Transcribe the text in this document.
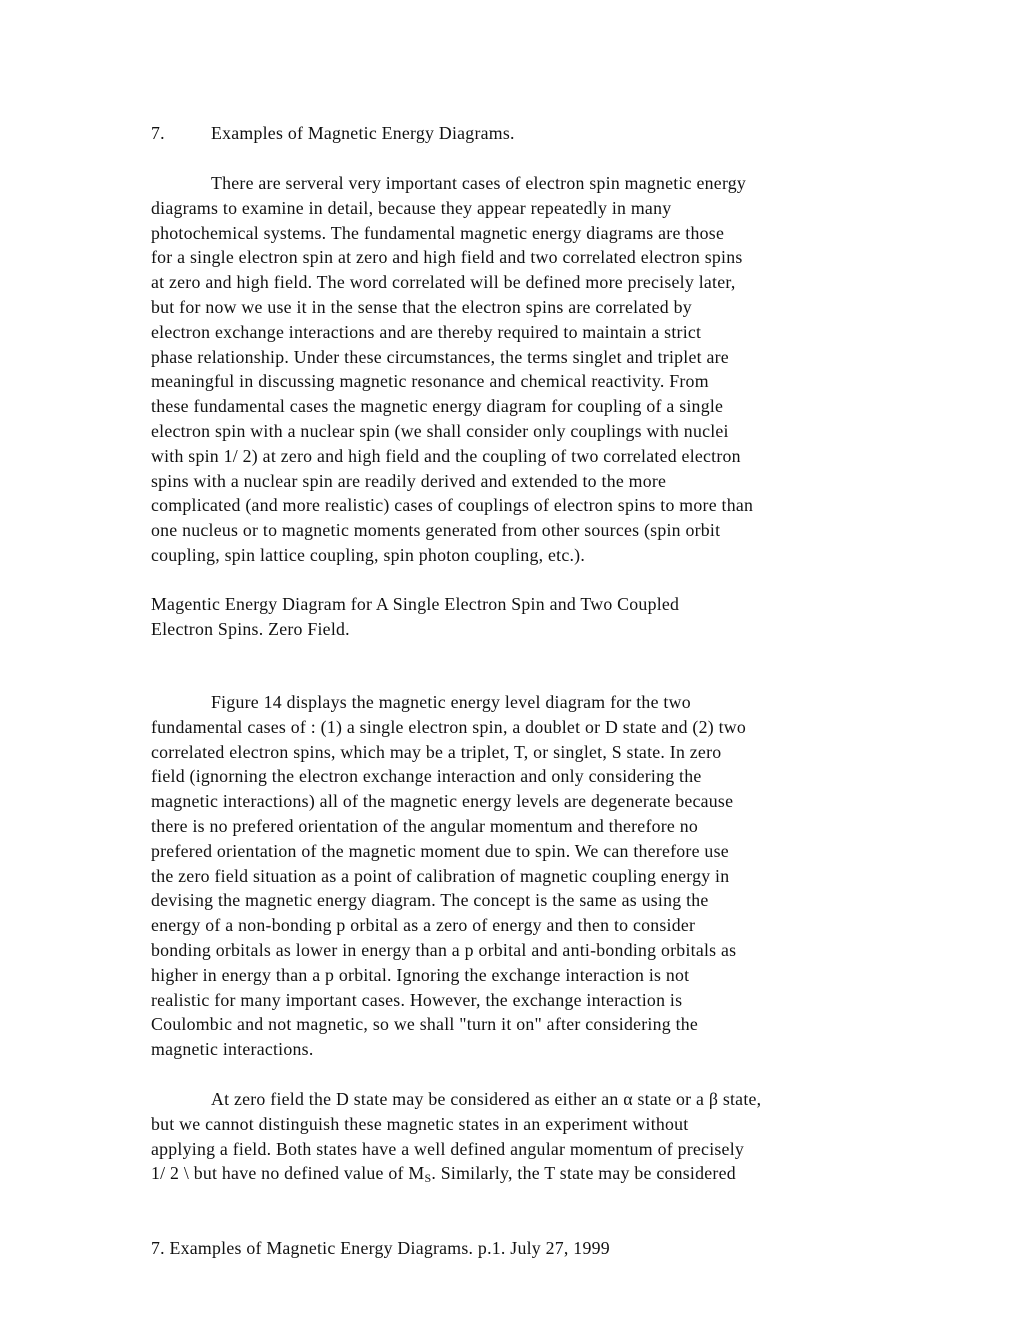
7.	Examples of Magnetic Energy Diagrams.
There are serveral very important cases of electron spin magnetic energy
diagrams to examine in detail, because they appear repeatedly in many
photochemical systems. The fundamental magnetic energy diagrams are those
for a single electron spin at zero and high field and two correlated electron spins
at zero and high field. The word correlated will be defined more precisely later,
but for now we use it in the sense that the electron spins are correlated by
electron exchange interactions and are thereby required to maintain a strict
phase relationship. Under these circumstances, the terms singlet and triplet are
meaningful in discussing magnetic resonance and chemical reactivity. From
these fundamental cases the magnetic energy diagram for coupling of a single
electron spin with a nuclear spin (we shall consider only couplings with nuclei
with spin 1/ 2) at zero and high field and the coupling of two correlated electron
spins with a nuclear spin are readily derived and extended to the more
complicated (and more realistic) cases of couplings of electron spins to more than
one nucleus or to magnetic moments generated from other sources (spin orbit
coupling, spin lattice coupling, spin photon coupling, etc.).
Magentic Energy Diagram for A Single Electron Spin and Two Coupled
Electron Spins. Zero Field.
Figure 14 displays the magnetic energy level diagram for the two
fundamental cases of : (1) a single electron spin, a doublet or D state and (2) two
correlated electron spins, which may be a triplet, T, or singlet, S state. In zero
field (ignorning the electron exchange interaction and only considering the
magnetic interactions) all of the magnetic energy levels are degenerate because
there is no prefered orientation of the angular momentum and therefore no
prefered orientation of the magnetic moment due to spin. We can therefore use
the zero field situation as a point of calibration of magnetic coupling energy in
devising the magnetic energy diagram. The concept is the same as using the
energy of a non-bonding p orbital as a zero of energy and then to consider
bonding orbitals as lower in energy than a p orbital and anti-bonding orbitals as
higher in energy than a p orbital. Ignoring the exchange interaction is not
realistic for many important cases. However, the exchange interaction is
Coulombic and not magnetic, so we shall "turn it on" after considering the
magnetic interactions.
At zero field the D state may be considered as either an α state or a β state,
but we cannot distinguish these magnetic states in an experiment without
applying a field. Both states have a well defined angular momentum of precisely
1/ 2 \ but have no defined value of $M_S$. Similarly, the T state may be considered
7. Examples of Magnetic Energy Diagrams. p.1. July 27, 1999
